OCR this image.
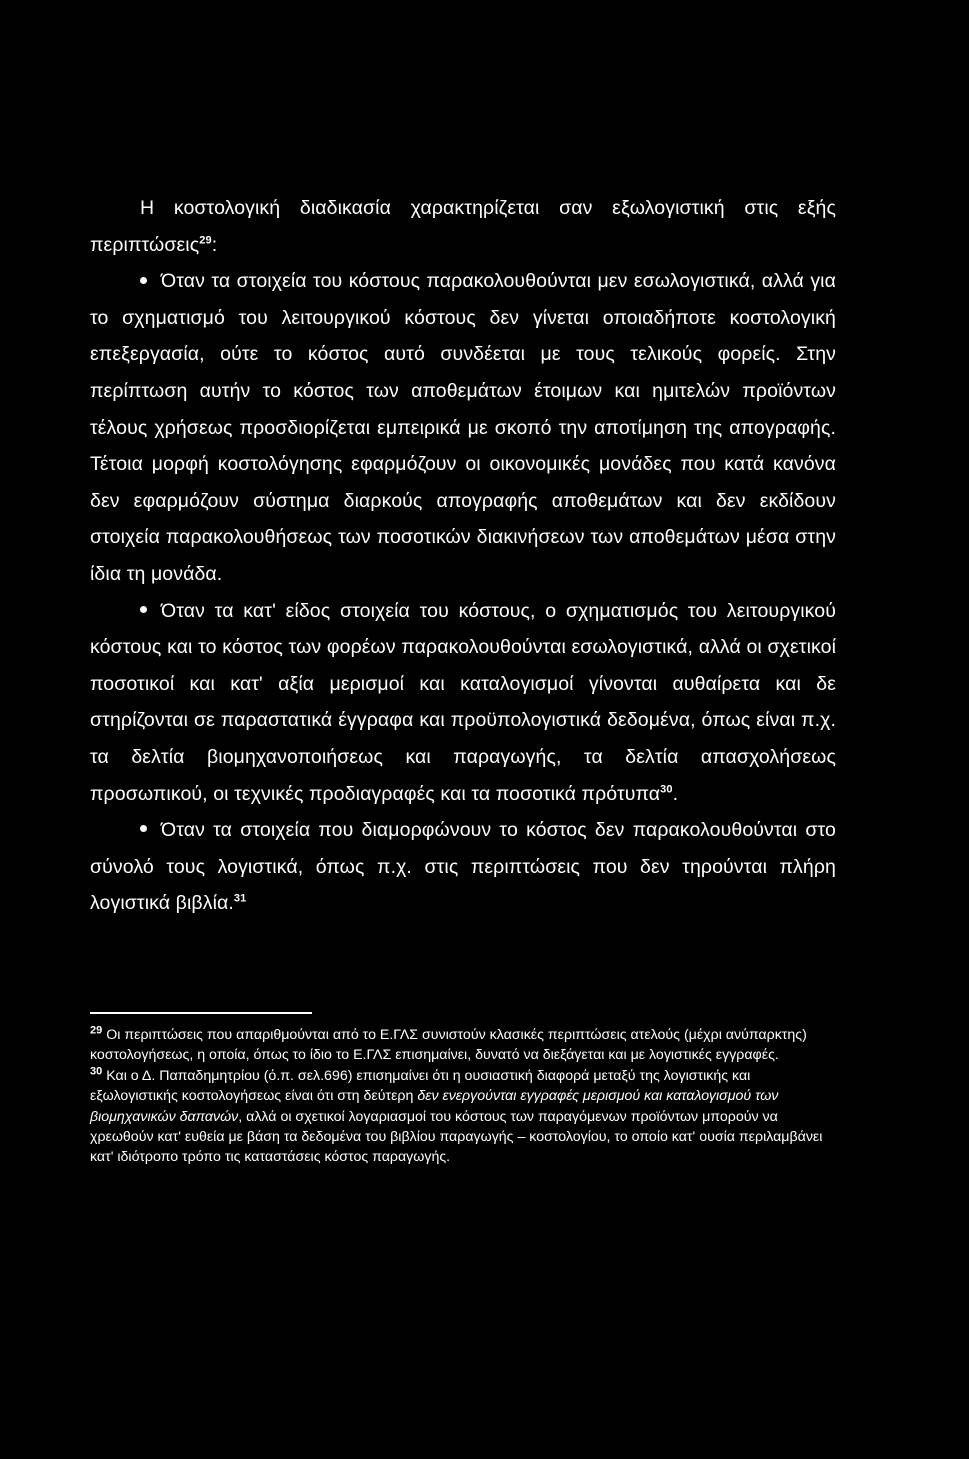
Η κοστολογική διαδικασία χαρακτηρίζεται σαν εξωλογιστική στις εξής περιπτώσεις$^{29}$:

Όταν τα στοιχεία του κόστους παρακολουθούνται μεν εσωλογιστικά, αλλά για το σχηματισμό του λειτουργικού κόστους δεν γίνεται οποιαδήποτε κοστολογική επεξεργασία, ούτε το κόστος αυτό συνδέεται με τους τελικούς φορείς. Στην περίπτωση αυτήν το κόστος των αποθεμάτων έτοιμων και ημιτελών προϊόντων τέλους χρήσεως προσδιορίζεται εμπειρικά με σκοπό την αποτίμηση της απογραφής. Τέτοια μορφή κοστολόγησης εφαρμόζουν οι οικονομικές μονάδες που κατά κανόνα δεν εφαρμόζουν σύστημα διαρκούς απογραφής αποθεμάτων και δεν εκδίδουν στοιχεία παρακολουθήσεως των ποσοτικών διακινήσεων των αποθεμάτων μέσα στην ίδια τη μονάδα.

Όταν τα κατ' είδος στοιχεία του κόστους, ο σχηματισμός του λειτουργικού κόστους και το κόστος των φορέων παρακολουθούνται εσωλογιστικά, αλλά οι σχετικοί ποσοτικοί και κατ' αξία μερισμοί και καταλογισμοί γίνονται αυθαίρετα και δε στηρίζονται σε παραστατικά έγγραφα και προϋπολογιστικά δεδομένα, όπως είναι π.χ. τα δελτία βιομηχανοποιήσεως και παραγωγής, τα δελτία απασχολήσεως προσωπικού, οι τεχνικές προδιαγραφές και τα ποσοτικά πρότυπα$^{30}$.

Όταν τα στοιχεία που διαμορφώνουν το κόστος δεν παρακολουθούνται στο σύνολό τους λογιστικά, όπως π.χ. στις περιπτώσεις που δεν τηρούνται πλήρη λογιστικά βιβλία.$^{31}$

$^{29}$ Οι περιπτώσεις που απαριθμούνται από το Ε.ΓΛΣ συνιστούν κλασικές περιπτώσεις ατελούς (μέχρι ανύπαρκτης) κοστολογήσεως, η οποία, όπως το ίδιο το Ε.ΓΛΣ επισημαίνει, δυνατό να διεξάγεται και με λογιστικές εγγραφές.

$^{30}$ Και ο Δ. Παπαδημητρίου (ό.π. σελ.696) επισημαίνει ότι η ουσιαστική διαφορά μεταξύ της λογιστικής και εξωλογιστικής κοστολογήσεως είναι ότι στη δεύτερη δεν ενεργούνται εγγραφές μερισμού και καταλογισμού των βιομηχανικών δαπανών, αλλά οι σχετικοί λογαριασμοί του κόστους των παραγόμενων προϊόντων μπορούν να χρεωθούν κατ' ευθεία με βάση τα δεδομένα του βιβλίου παραγωγής – κοστολογίου, το οποίο κατ' ουσία περιλαμβάνει κατ' ιδιότροπο τρόπο τις καταστάσεις κόστος παραγωγής.
